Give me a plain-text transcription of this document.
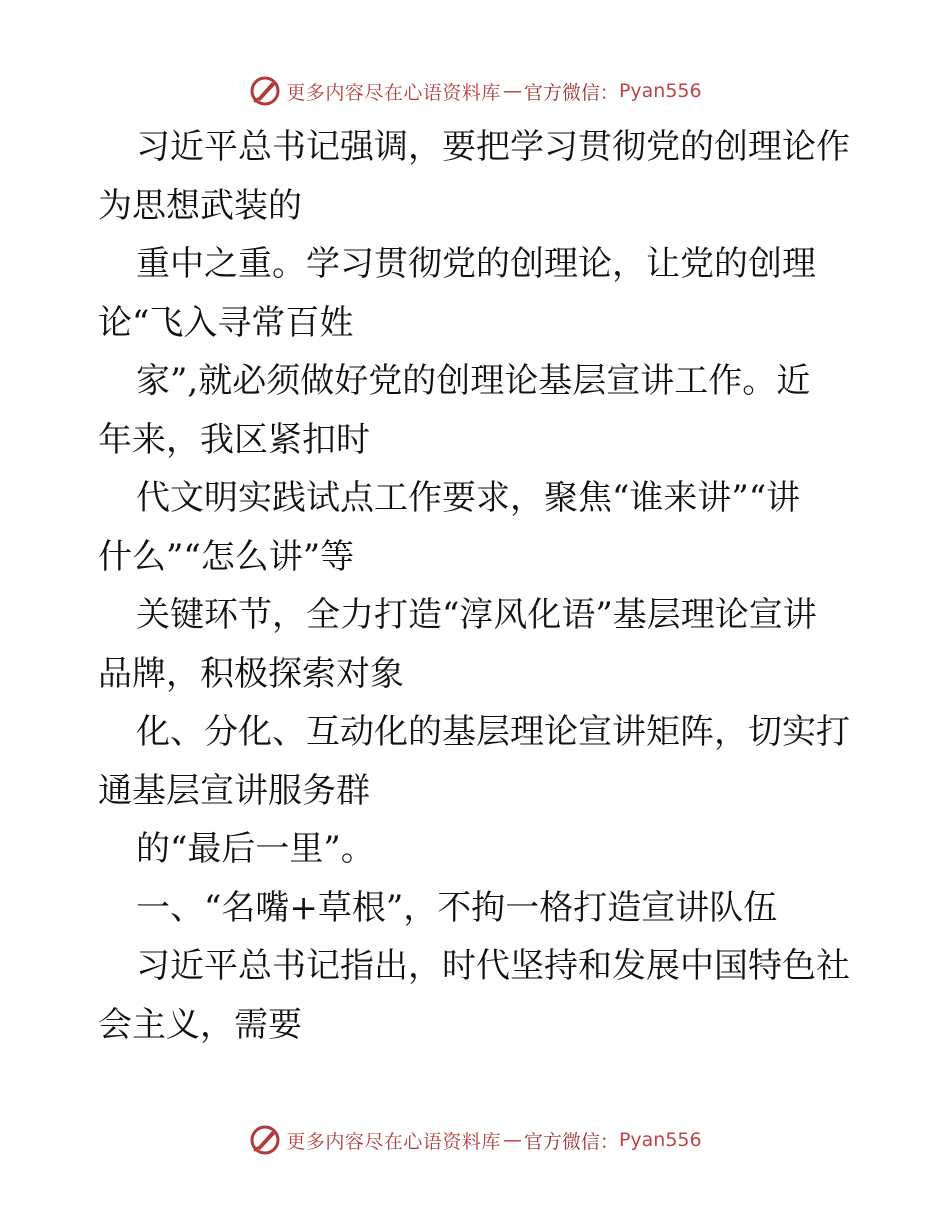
更多内容尽在心语资料库 — 官方微信： Pyan556
习近平总书记强调，要把学习贯彻党的创理论作
为思想武装的
重中之重。学习贯彻党的创理论，让党的创理
论“飞入寻常百姓
家”,就必须做好党的创理论基层宣讲工作。近
年来，我区紧扣时
代文明实践试点工作要求，聚焦“谁来讲”“讲
什么”“怎么讲”等
关键环节，全力打造“淳风化语”基层理论宣讲
品牌，积极探索对象
化、分化、互动化的基层理论宣讲矩阵，切实打
通基层宣讲服务群
的“最后一里”。
一、“名嘴+草根”，不拘一格打造宣讲队伍
习近平总书记指出，时代坚持和发展中国特色社
会主义，需要
更多内容尽在心语资料库 — 官方微信： Pyan556
